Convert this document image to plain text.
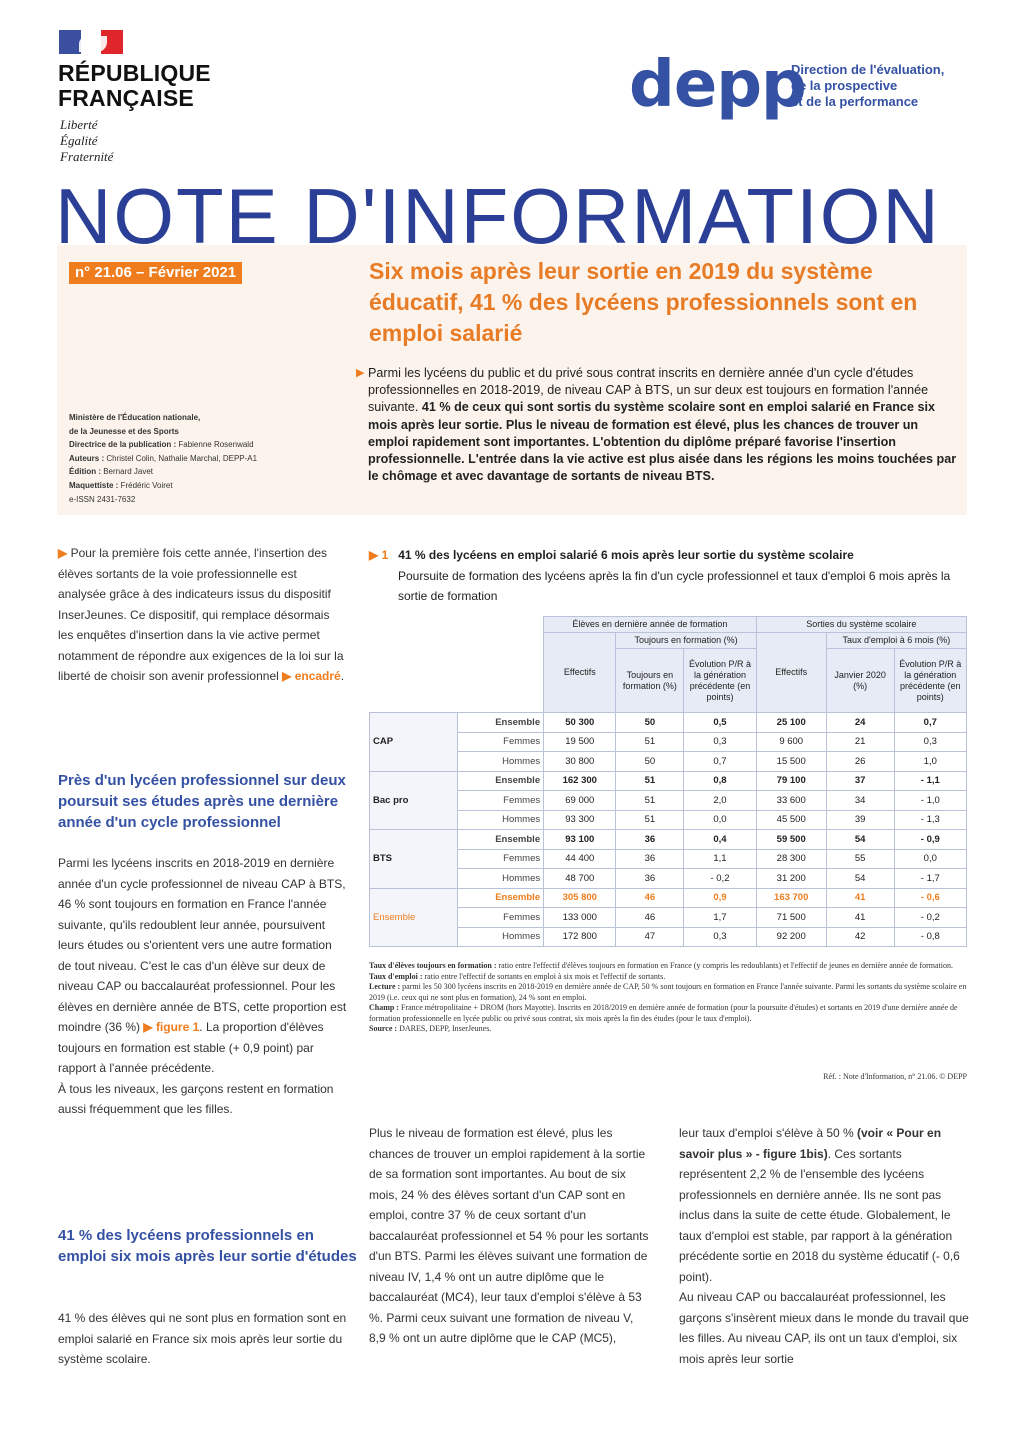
RÉPUBLIQUE
FRANÇAISE
Liberté
Égalité
Fraternité
depp
Direction de l'évaluation,
de la prospective
et de la performance
NOTE D'INFORMATION
n° 21.06 – Février 2021	Six mois après leur sortie en 2019 du système éducatif, 41 % des lycéens professionnels sont en emploi salarié
Ministère de l'Éducation nationale,
de la Jeunesse et des Sports
Directrice de la publication : Fabienne Rosenwald
Auteurs : Christel Colin, Nathalie Marchal, DEPP-A1
Édition : Bernard Javet
Maquettiste : Frédéric Voiret
e-ISSN 2431-7632
▶ Parmi les lycéens du public et du privé sous contrat inscrits en dernière année d'un cycle d'études professionnelles en 2018-2019, de niveau CAP à BTS, un sur deux est toujours en formation l'année suivante. 41 % de ceux qui sont sortis du système scolaire sont en emploi salarié en France six mois après leur sortie. Plus le niveau de formation est élevé, plus les chances de trouver un emploi rapidement sont importantes. L'obtention du diplôme préparé favorise l'insertion professionnelle. L'entrée dans la vie active est plus aisée dans les régions les moins touchées par le chômage et avec davantage de sortants de niveau BTS.
▶ Pour la première fois cette année, l'insertion des élèves sortants de la voie professionnelle est analysée grâce à des indicateurs issus du dispositif InserJeunes. Ce dispositif, qui remplace désormais les enquêtes d'insertion dans la vie active permet notamment de répondre aux exigences de la loi sur la liberté de choisir son avenir professionnel ▶ encadré.
Près d'un lycéen professionnel sur deux poursuit ses études après une dernière année d'un cycle professionnel
Parmi les lycéens inscrits en 2018-2019 en dernière année d'un cycle professionnel de niveau CAP à BTS, 46 % sont toujours en formation en France l'année suivante, qu'ils redoublent leur année, poursuivent leurs études ou s'orientent vers une autre formation de tout niveau. C'est le cas d'un élève sur deux de niveau CAP ou baccalauréat professionnel. Pour les élèves en dernière année de BTS, cette proportion est moindre (36 %) ▶ figure 1. La proportion d'élèves toujours en formation est stable (+ 0,9 point) par rapport à l'année précédente.
À tous les niveaux, les garçons restent en formation aussi fréquemment que les filles.
41 % des lycéens professionnels en emploi six mois après leur sortie d'études
41 % des élèves qui ne sont plus en formation sont en emploi salarié en France six mois après leur sortie du système scolaire.
▶ 1 41 % des lycéens en emploi salarié 6 mois après leur sortie du système scolaire
Poursuite de formation des lycéens après la fin d'un cycle professionnel et taux d'emploi 6 mois après la sortie de formation
		Élèves en dernière année de formation			Sorties du système scolaire		
		Effectifs	Toujours en formation (%)		Effectifs	Taux d'emploi à 6 mois (%)	
			Toujours en formation (%)	Évolution P/R à la génération précédente (en points)		Janvier 2020 (%)	Évolution P/R à la génération précédente (en points)
CAP	Ensemble	50 300	50	0,5	25 100	24	0,7
	Femmes	19 500	51	0,3	9 600	21	0,3
	Hommes	30 800	50	0,7	15 500	26	1,0
Bac pro	Ensemble	162 300	51	0,8	79 100	37	- 1,1
	Femmes	69 000	51	2,0	33 600	34	- 1,0
	Hommes	93 300	51	0,0	45 500	39	- 1,3
BTS	Ensemble	93 100	36	0,4	59 500	54	- 0,9
	Femmes	44 400	36	1,1	28 300	55	0,0
	Hommes	48 700	36	- 0,2	31 200	54	- 1,7
Ensemble	Ensemble	305 800	46	0,9	163 700	41	- 0,6
	Femmes	133 000	46	1,7	71 500	41	- 0,2
	Hommes	172 800	47	0,3	92 200	42	- 0,8
Taux d'élèves toujours en formation : ratio entre l'effectif d'élèves toujours en formation en France (y compris les redoublants) et l'effectif de jeunes en dernière année de formation.
Taux d'emploi : ratio entre l'effectif de sortants en emploi à six mois et l'effectif de sortants.
Lecture : parmi les 50 300 lycéens inscrits en 2018-2019 en dernière année de CAP, 50 % sont toujours en formation en France l'année suivante. Parmi les sortants du système scolaire en 2019 (i.e. ceux qui ne sont plus en formation), 24 % sont en emploi.
Champ : France métropolitaine + DROM (hors Mayotte). Inscrits en 2018/2019 en dernière année de formation (pour la poursuite d'études) et sortants en 2019 d'une dernière année de formation professionnelle en lycée public ou privé sous contrat, six mois après la fin des études (pour le taux d'emploi).
Source : DARES, DEPP, InserJeunes.
Réf. : Note d'Information, n° 21.06. © DEPP
Plus le niveau de formation est élevé, plus les chances de trouver un emploi rapidement à la sortie de sa formation sont importantes. Au bout de six mois, 24 % des élèves sortant d'un CAP sont en emploi, contre 37 % de ceux sortant d'un baccalauréat professionnel et 54 % pour les sortants d'un BTS. Parmi les élèves suivant une formation de niveau IV, 1,4 % ont un autre diplôme que le baccalauréat (MC4), leur taux d'emploi s'élève à 53 %. Parmi ceux suivant une formation de niveau V, 8,9 % ont un autre diplôme que le CAP (MC5),
leur taux d'emploi s'élève à 50 % (voir « Pour en savoir plus » - figure 1bis). Ces sortants représentent 2,2 % de l'ensemble des lycéens professionnels en dernière année. Ils ne sont pas inclus dans la suite de cette étude. Globalement, le taux d'emploi est stable, par rapport à la génération précédente sortie en 2018 du système éducatif (- 0,6 point).
Au niveau CAP ou baccalauréat professionnel, les garçons s'insèrent mieux dans le monde du travail que les filles. Au niveau CAP, ils ont un taux d'emploi, six mois après leur sortie
